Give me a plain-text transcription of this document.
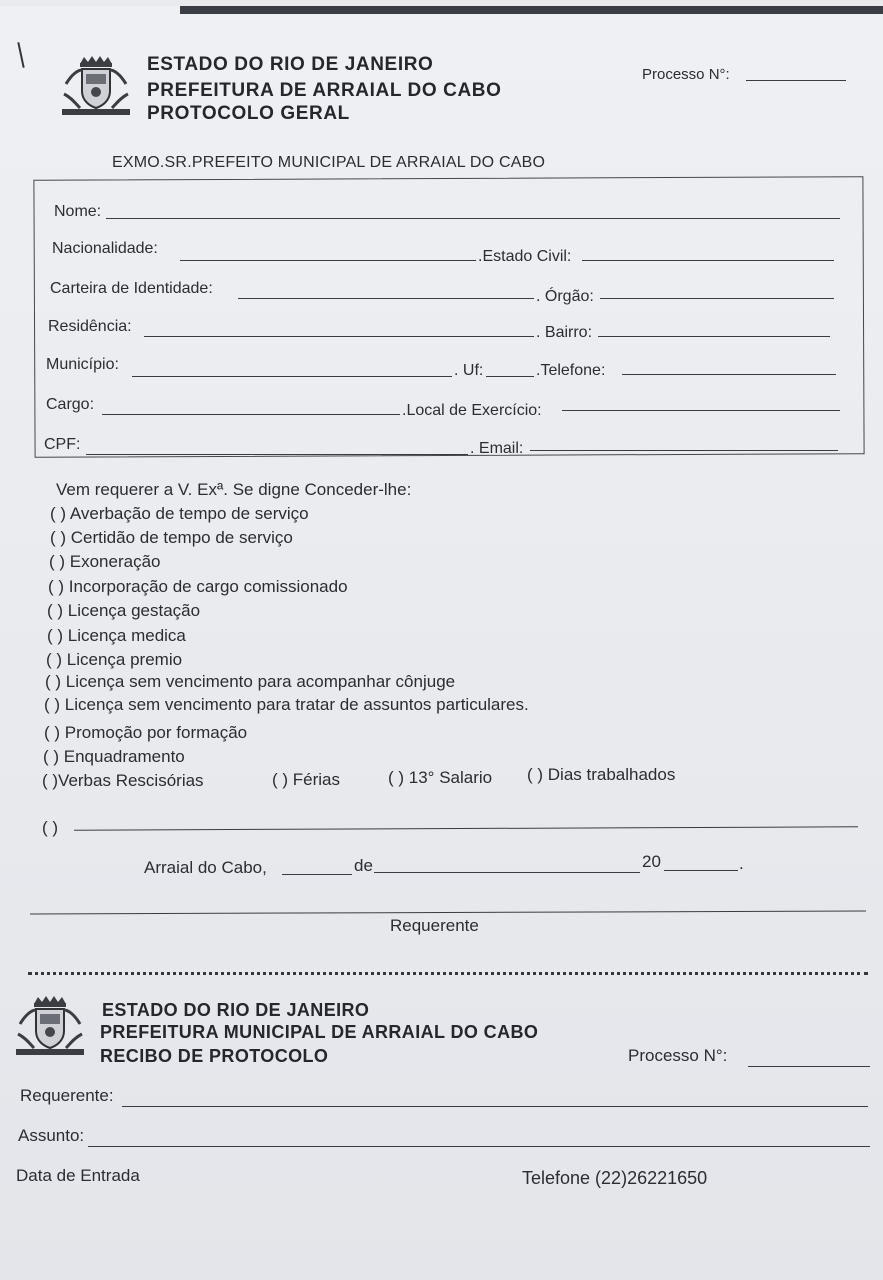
ESTADO DO RIO DE JANEIRO
PREFEITURA DE ARRAIAL DO CABO
PROTOCOLO GERAL
Processo N°:
EXMO.SR.PREFEITO MUNICIPAL DE ARRAIAL DO CABO
Nome:
Nacionalidade:	.Estado Civil:
Carteira de Identidade:	. Órgão:
Residência:	. Bairro:
Município:	. Uf:	.Telefone:
Cargo:	.Local de Exercício:
CPF:	. Email:
Vem requerer a V. Exª. Se digne Conceder-lhe:
( ) Averbação de tempo de serviço
( ) Certidão de tempo de serviço
( ) Exoneração
( ) Incorporação de cargo comissionado
( ) Licença gestação
( ) Licença medica
( ) Licença premio
( ) Licença sem vencimento para acompanhar cônjuge
( ) Licença sem vencimento para tratar de assuntos particulares.
( ) Promoção por formação
( ) Enquadramento
( )Verbas Rescisórias	( ) Férias	( ) 13° Salario ( ) Dias trabalhados
( )
Arraial do Cabo,	de	20	.
Requerente
ESTADO DO RIO DE JANEIRO
PREFEITURA MUNICIPAL DE ARRAIAL DO CABO
RECIBO DE PROTOCOLO	Processo N°:
Requerente:
Assunto:
Data de Entrada	Telefone (22)26221650
